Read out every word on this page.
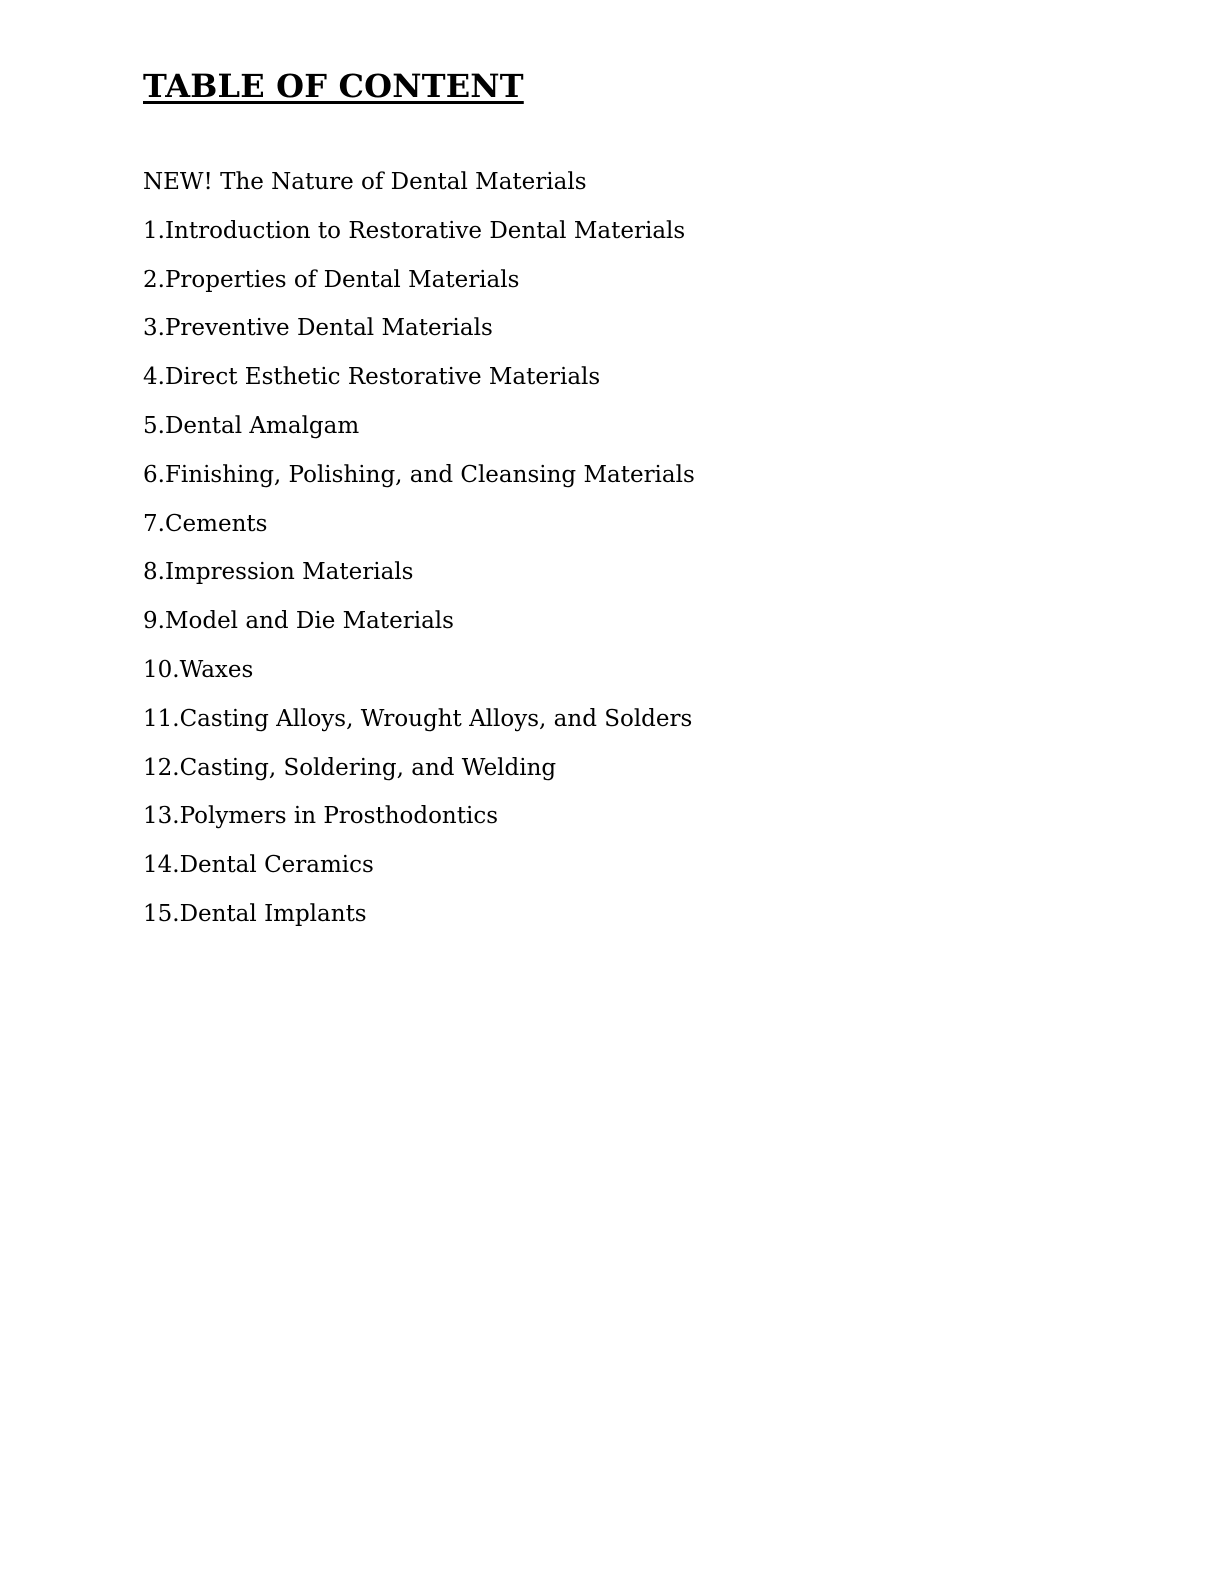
TABLE OF CONTENT
NEW! The Nature of Dental Materials
1.Introduction to Restorative Dental Materials
2.Properties of Dental Materials
3.Preventive Dental Materials
4.Direct Esthetic Restorative Materials
5.Dental Amalgam
6.Finishing, Polishing, and Cleansing Materials
7.Cements
8.Impression Materials
9.Model and Die Materials
10.Waxes
11.Casting Alloys, Wrought Alloys, and Solders
12.Casting, Soldering, and Welding
13.Polymers in Prosthodontics
14.Dental Ceramics
15.Dental Implants
